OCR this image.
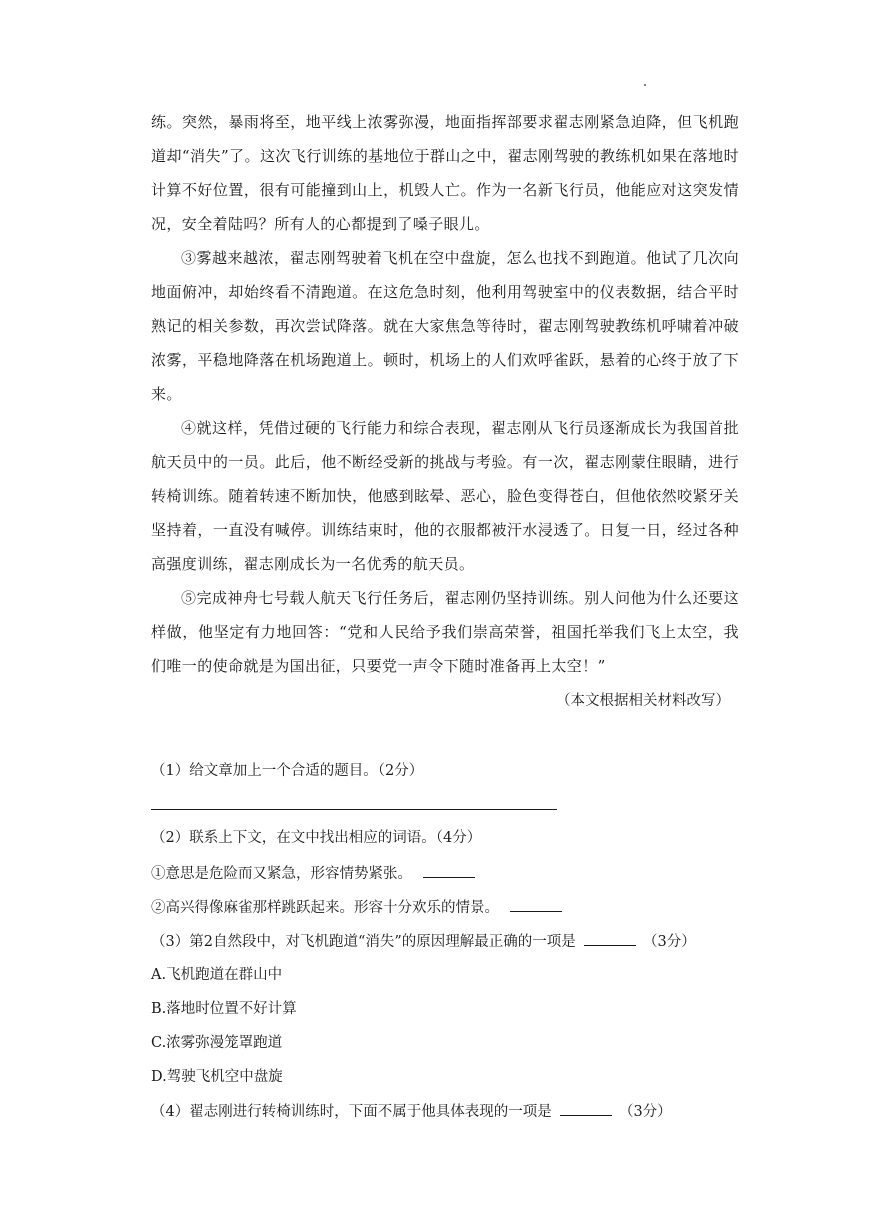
练。突然，暴雨将至，地平线上浓雾弥漫，地面指挥部要求翟志刚紧急迫降，但飞机跑道却“消失”了。这次飞行训练的基地位于群山之中，翟志刚驾驶的教练机如果在落地时计算不好位置，很有可能撞到山上，机毁人亡。作为一名新飞行员，他能应对这突发情况，安全着陆吗？所有人的心都提到了嗓子眼儿。

③雾越来越浓，翟志刚驾驶着飞机在空中盘旋，怎么也找不到跑道。他试了几次向地面俯冲，却始终看不清跑道。在这危急时刻，他利用驾驶室中的仪表数据，结合平时熟记的相关参数，再次尝试降落。就在大家焦急等待时，翟志刚驾驶教练机呼啸着冲破浓雾，平稳地降落在机场跑道上。顿时，机场上的人们欢呼雀跃，悬着的心终于放了下来。

④就这样，凭借过硬的飞行能力和综合表现，翟志刚从飞行员逐渐成长为我国首批航天员中的一员。此后，他不断经受新的挑战与考验。有一次，翟志刚蒙住眼睛，进行转椅训练。随着转速不断加快，他感到眩晕、恶心，脸色变得苍白，但他依然咬紧牙关坚持着，一直没有喊停。训练结束时，他的衣服都被汗水浸透了。日复一日，经过各种高强度训练，翟志刚成长为一名优秀的航天员。

⑤完成神舟七号载人航天飞行任务后，翟志刚仍坚持训练。别人问他为什么还要这样做，他坚定有力地回答：“党和人民给予我们崇高荣誉，祖国托举我们飞上太空，我们唯一的使命就是为国出征，只要党一声令下随时准备再上太空！”

（本文根据相关材料改写）
（1）给文章加上一个合适的题目。（2分）
（2）联系上下文，在文中找出相应的词语。（4分）
①意思是危险而又紧急，形容情势紧张。
②高兴得像麻雀那样跳跃起来。形容十分欢乐的情景。
（3）第2自然段中，对飞机跑道“消失”的原因理解最正确的一项是	（3分）
A.飞机跑道在群山中
B.落地时位置不好计算
C.浓雾弥漫笼罩跑道
D.驾驶飞机空中盘旋
（4）翟志刚进行转椅训练时，下面不属于他具体表现的一项是	（3分）
